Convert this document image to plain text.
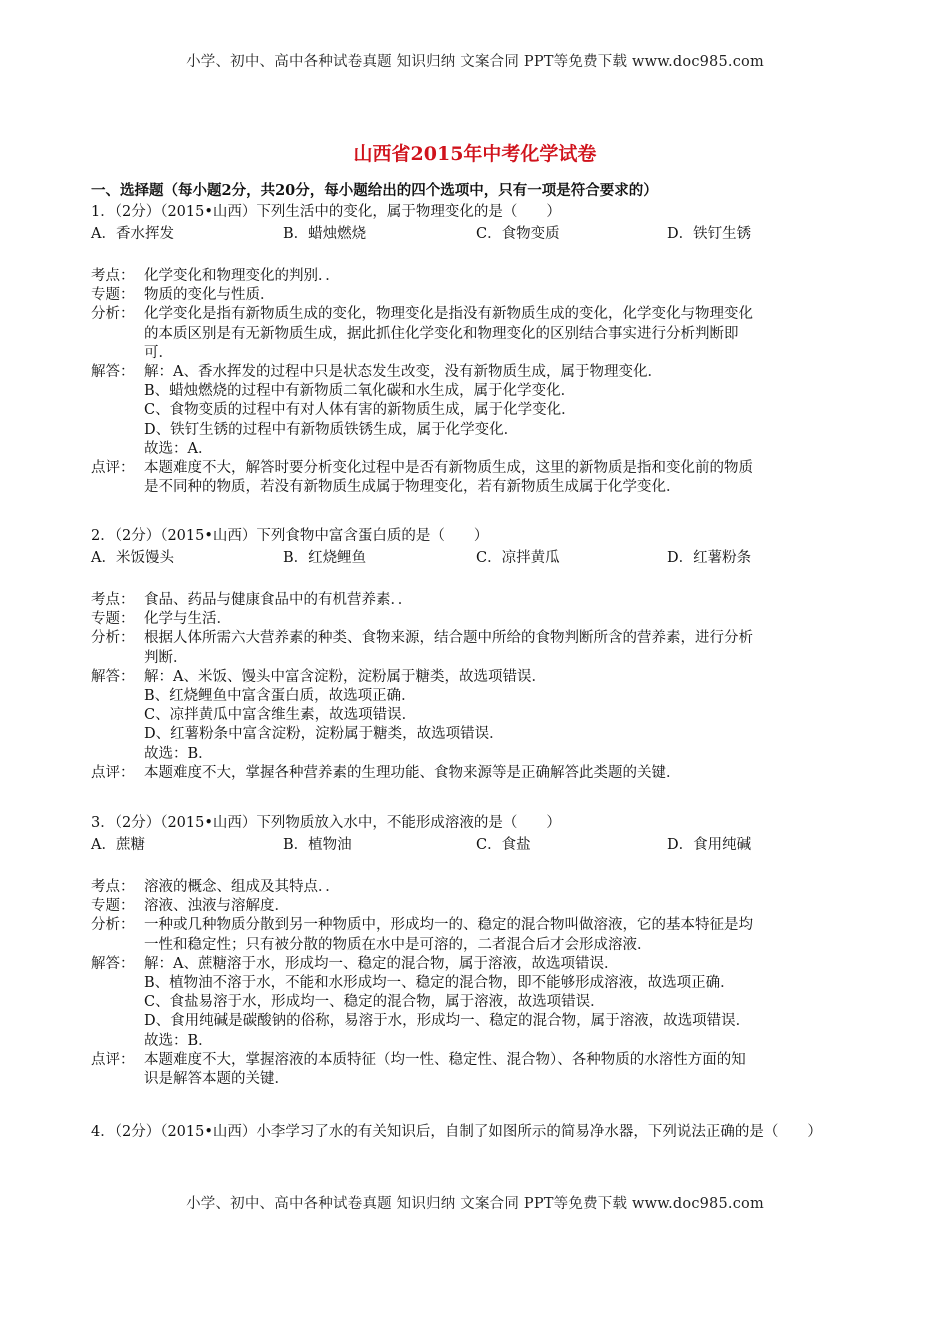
小学、初中、高中各种试卷真题 知识归纳 文案合同 PPT等免费下载 www.doc985.com
山西省2015年中考化学试卷
一、选择题（每小题2分，共20分，每小题给出的四个选项中，只有一项是符合要求的）
1．（2分）（2015•山西）下列生活中的变化，属于物理变化的是（　　）
A．香水挥发	B．蜡烛燃烧	C．食物变质	D．铁钉生锈
考点： 化学变化和物理变化的判别．．
专题： 物质的变化与性质．
分析： 化学变化是指有新物质生成的变化，物理变化是指没有新物质生成的变化，化学变化与物理变化
的本质区别是有无新物质生成，据此抓住化学变化和物理变化的区别结合事实进行分析判断即
可．
解答： 解：A、香水挥发的过程中只是状态发生改变，没有新物质生成，属于物理变化．
B、蜡烛燃烧的过程中有新物质二氧化碳和水生成，属于化学变化．
C、食物变质的过程中有对人体有害的新物质生成，属于化学变化．
D、铁钉生锈的过程中有新物质铁锈生成，属于化学变化．
故选：A．
点评： 本题难度不大，解答时要分析变化过程中是否有新物质生成，这里的新物质是指和变化前的物质
是不同种的物质，若没有新物质生成属于物理变化，若有新物质生成属于化学变化．
2．（2分）（2015•山西）下列食物中富含蛋白质的是（　　）
A．米饭馒头	B．红烧鲤鱼	C．凉拌黄瓜	D．红薯粉条
考点： 食品、药品与健康食品中的有机营养素．．
专题： 化学与生活．
分析： 根据人体所需六大营养素的种类、食物来源，结合题中所给的食物判断所含的营养素，进行分析
判断．
解答： 解：A、米饭、馒头中富含淀粉，淀粉属于糖类，故选项错误．
B、红烧鲤鱼中富含蛋白质，故选项正确．
C、凉拌黄瓜中富含维生素，故选项错误．
D、红薯粉条中富含淀粉，淀粉属于糖类，故选项错误．
故选：B．
点评： 本题难度不大，掌握各种营养素的生理功能、食物来源等是正确解答此类题的关键．
3．（2分）（2015•山西）下列物质放入水中，不能形成溶液的是（　　）
A．蔗糖	B．植物油	C．食盐	D．食用纯碱
考点： 溶液的概念、组成及其特点．．
专题： 溶液、浊液与溶解度．
分析： 一种或几种物质分散到另一种物质中，形成均一的、稳定的混合物叫做溶液，它的基本特征是均
一性和稳定性；只有被分散的物质在水中是可溶的，二者混合后才会形成溶液．
解答： 解：A、蔗糖溶于水，形成均一、稳定的混合物，属于溶液，故选项错误．
B、植物油不溶于水，不能和水形成均一、稳定的混合物，即不能够形成溶液，故选项正确．
C、食盐易溶于水，形成均一、稳定的混合物，属于溶液，故选项错误．
D、食用纯碱是碳酸钠的俗称，易溶于水，形成均一、稳定的混合物，属于溶液，故选项错误．
故选：B．
点评： 本题难度不大，掌握溶液的本质特征（均一性、稳定性、混合物）、各种物质的水溶性方面的知
识是解答本题的关键．
4．（2分）（2015•山西）小李学习了水的有关知识后，自制了如图所示的简易净水器，下列说法正确的是（　　）
小学、初中、高中各种试卷真题 知识归纳 文案合同 PPT等免费下载 www.doc985.com
